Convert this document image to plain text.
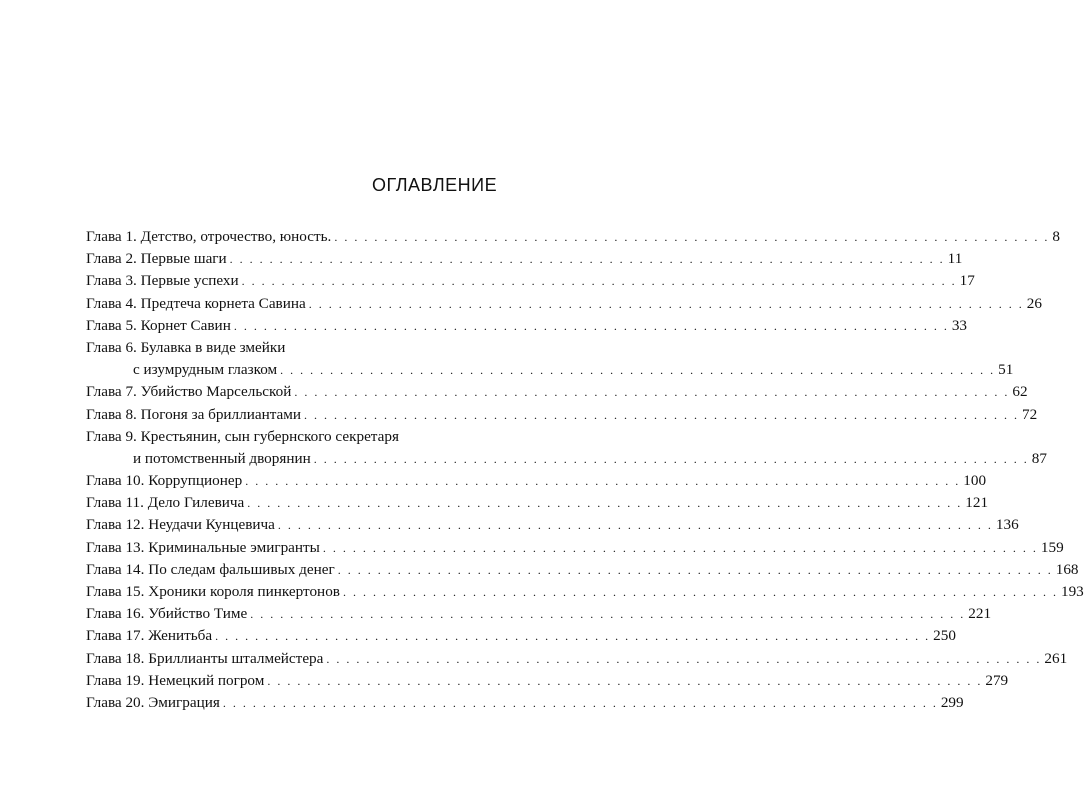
ОГЛАВЛЕНИЕ
Глава 1.
Детство, отрочество, юность. . . . . . . . . . . . . . . . . . . . . . . . . . . . . . . . . . . . . . . . . . . . . . . . . . . . . . . . . . . . . . . . . . . . . . . . . 8
Глава 2.
Первые шаги . . . . . . . . . . . . . . . . . . . . . . . . . . . . . . . . . . . . . . . . . . . . . . . . . . . . . . . . . . . . . . . . . . . . . . . . 11
Глава 3.
Первые успехи . . . . . . . . . . . . . . . . . . . . . . . . . . . . . . . . . . . . . . . . . . . . . . . . . . . . . . . . . . . . . . . . . . . . . . . . 17
Глава 4.
Предтеча корнета Савина . . . . . . . . . . . . . . . . . . . . . . . . . . . . . . . . . . . . . . . . . . . . . . . . . . . . . . . . . . . . . . . . . . . . . . . . 26
Глава 5.
Корнет Савин . . . . . . . . . . . . . . . . . . . . . . . . . . . . . . . . . . . . . . . . . . . . . . . . . . . . . . . . . . . . . . . . . . . . . . . . 33
Глава 6.
Булавка в виде змейки
с изумрудным глазком . . . . . . . . . . . . . . . . . . . . . . . . . . . . . . . . . . . . . . . . . . . . . . . . . . . . . . . . . . . . . . . . . . . . . . . . 51
Глава 7.
Убийство Марсельской . . . . . . . . . . . . . . . . . . . . . . . . . . . . . . . . . . . . . . . . . . . . . . . . . . . . . . . . . . . . . . . . . . . . . . . . 62
Глава 8.
Погоня за бриллиантами . . . . . . . . . . . . . . . . . . . . . . . . . . . . . . . . . . . . . . . . . . . . . . . . . . . . . . . . . . . . . . . . . . . . . . . . 72
Глава 9.
Крестьянин, сын губернского секретаря
и потомственный дворянин . . . . . . . . . . . . . . . . . . . . . . . . . . . . . . . . . . . . . . . . . . . . . . . . . . . . . . . . . . . . . . . . . . . . . . . . 87
Глава 10.
Коррупционер . . . . . . . . . . . . . . . . . . . . . . . . . . . . . . . . . . . . . . . . . . . . . . . . . . . . . . . . . . . . . . . . . . . . . . . . 100
Глава 11.
Дело Гилевича . . . . . . . . . . . . . . . . . . . . . . . . . . . . . . . . . . . . . . . . . . . . . . . . . . . . . . . . . . . . . . . . . . . . . . . . 121
Глава 12.
Неудачи Кунцевича . . . . . . . . . . . . . . . . . . . . . . . . . . . . . . . . . . . . . . . . . . . . . . . . . . . . . . . . . . . . . . . . . . . . . . . . 136
Глава 13.
Криминальные эмигранты . . . . . . . . . . . . . . . . . . . . . . . . . . . . . . . . . . . . . . . . . . . . . . . . . . . . . . . . . . . . . . . . . . . . . . . . 159
Глава 14.
По следам фальшивых денег . . . . . . . . . . . . . . . . . . . . . . . . . . . . . . . . . . . . . . . . . . . . . . . . . . . . . . . . . . . . . . . . . . . . . . . . 168
Глава 15.
Хроники короля пинкертонов . . . . . . . . . . . . . . . . . . . . . . . . . . . . . . . . . . . . . . . . . . . . . . . . . . . . . . . . . . . . . . . . . . . . . . . . 193
Глава 16.
Убийство Тиме . . . . . . . . . . . . . . . . . . . . . . . . . . . . . . . . . . . . . . . . . . . . . . . . . . . . . . . . . . . . . . . . . . . . . . . . 221
Глава 17.
Женитьба . . . . . . . . . . . . . . . . . . . . . . . . . . . . . . . . . . . . . . . . . . . . . . . . . . . . . . . . . . . . . . . . . . . . . . . . 250
Глава 18.
Бриллианты шталмейстера . . . . . . . . . . . . . . . . . . . . . . . . . . . . . . . . . . . . . . . . . . . . . . . . . . . . . . . . . . . . . . . . . . . . . . . . 261
Глава 19.
Немецкий погром . . . . . . . . . . . . . . . . . . . . . . . . . . . . . . . . . . . . . . . . . . . . . . . . . . . . . . . . . . . . . . . . . . . . . . . . 279
Глава 20.
Эмиграция . . . . . . . . . . . . . . . . . . . . . . . . . . . . . . . . . . . . . . . . . . . . . . . . . . . . . . . . . . . . . . . . . . . . . . . . 299
